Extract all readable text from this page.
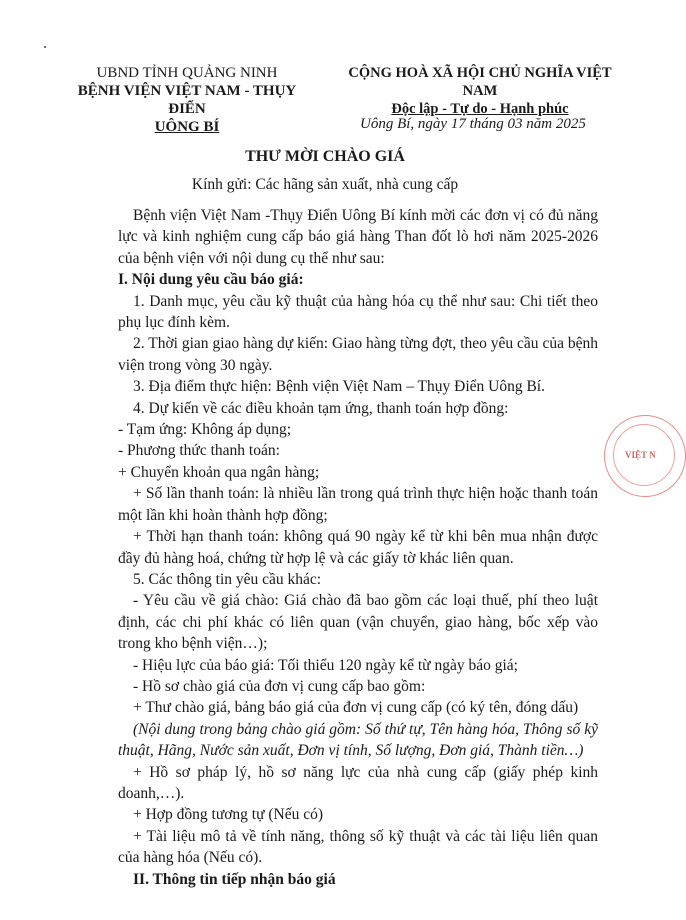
UBND TỈNH QUẢNG NINH
BỆNH VIỆN VIỆT NAM - THỤY ĐIỂN
UÔNG BÍ
CỘNG HOÀ XÃ HỘI CHỦ NGHĨA VIỆT NAM
Độc lập - Tự do - Hạnh phúc
Uông Bí, ngày 17 tháng 03 năm 2025
THƯ MỜI CHÀO GIÁ
Kính gửi: Các hãng sản xuất, nhà cung cấp

Bệnh viện Việt Nam -Thụy Điển Uông Bí kính mời các đơn vị có đủ năng lực và kinh nghiệm cung cấp báo giá hàng Than đốt lò hơi năm 2025-2026 của bệnh viện với nội dung cụ thể như sau:

I. Nội dung yêu cầu báo giá:

1. Danh mục, yêu cầu kỹ thuật của hàng hóa cụ thể như sau: Chi tiết theo phụ lục đính kèm.

2. Thời gian giao hàng dự kiến: Giao hàng từng đợt, theo yêu cầu của bệnh viện trong vòng 30 ngày.

3. Địa điểm thực hiện: Bệnh viện Việt Nam – Thụy Điển Uông Bí.

4. Dự kiến về các điều khoản tạm ứng, thanh toán hợp đồng:

- Tạm ứng: Không áp dụng;

- Phương thức thanh toán:

+ Chuyển khoản qua ngân hàng;

+ Số lần thanh toán: là nhiều lần trong quá trình thực hiện hoặc thanh toán một lần khi hoàn thành hợp đồng;

+ Thời hạn thanh toán: không quá 90 ngày kể từ khi bên mua nhận được đầy đủ hàng hoá, chứng từ hợp lệ và các giấy tờ khác liên quan.

5. Các thông tin yêu cầu khác:

- Yêu cầu về giá chào: Giá chào đã bao gồm các loại thuế, phí theo luật định, các chi phí khác có liên quan (vận chuyển, giao hàng, bốc xếp vào trong kho bệnh viện…);

- Hiệu lực của báo giá: Tối thiểu 120 ngày kể từ ngày báo giá;

- Hồ sơ chào giá của đơn vị cung cấp bao gồm:

+ Thư chào giá, bảng báo giá của đơn vị cung cấp (có ký tên, đóng dấu)

(Nội dung trong bảng chào giá gồm: Số thứ tự, Tên hàng hóa, Thông số kỹ thuật, Hãng, Nước sản xuất, Đơn vị tính, Số lượng, Đơn giá, Thành tiền…)

+ Hồ sơ pháp lý, hồ sơ năng lực của nhà cung cấp (giấy phép kinh doanh,…).

+ Hợp đồng tương tự (Nếu có)

+ Tài liệu mô tả về tính năng, thông số kỹ thuật và các tài liệu liên quan của hàng hóa (Nếu có).

II. Thông tin tiếp nhận báo giá

VIỆT N
